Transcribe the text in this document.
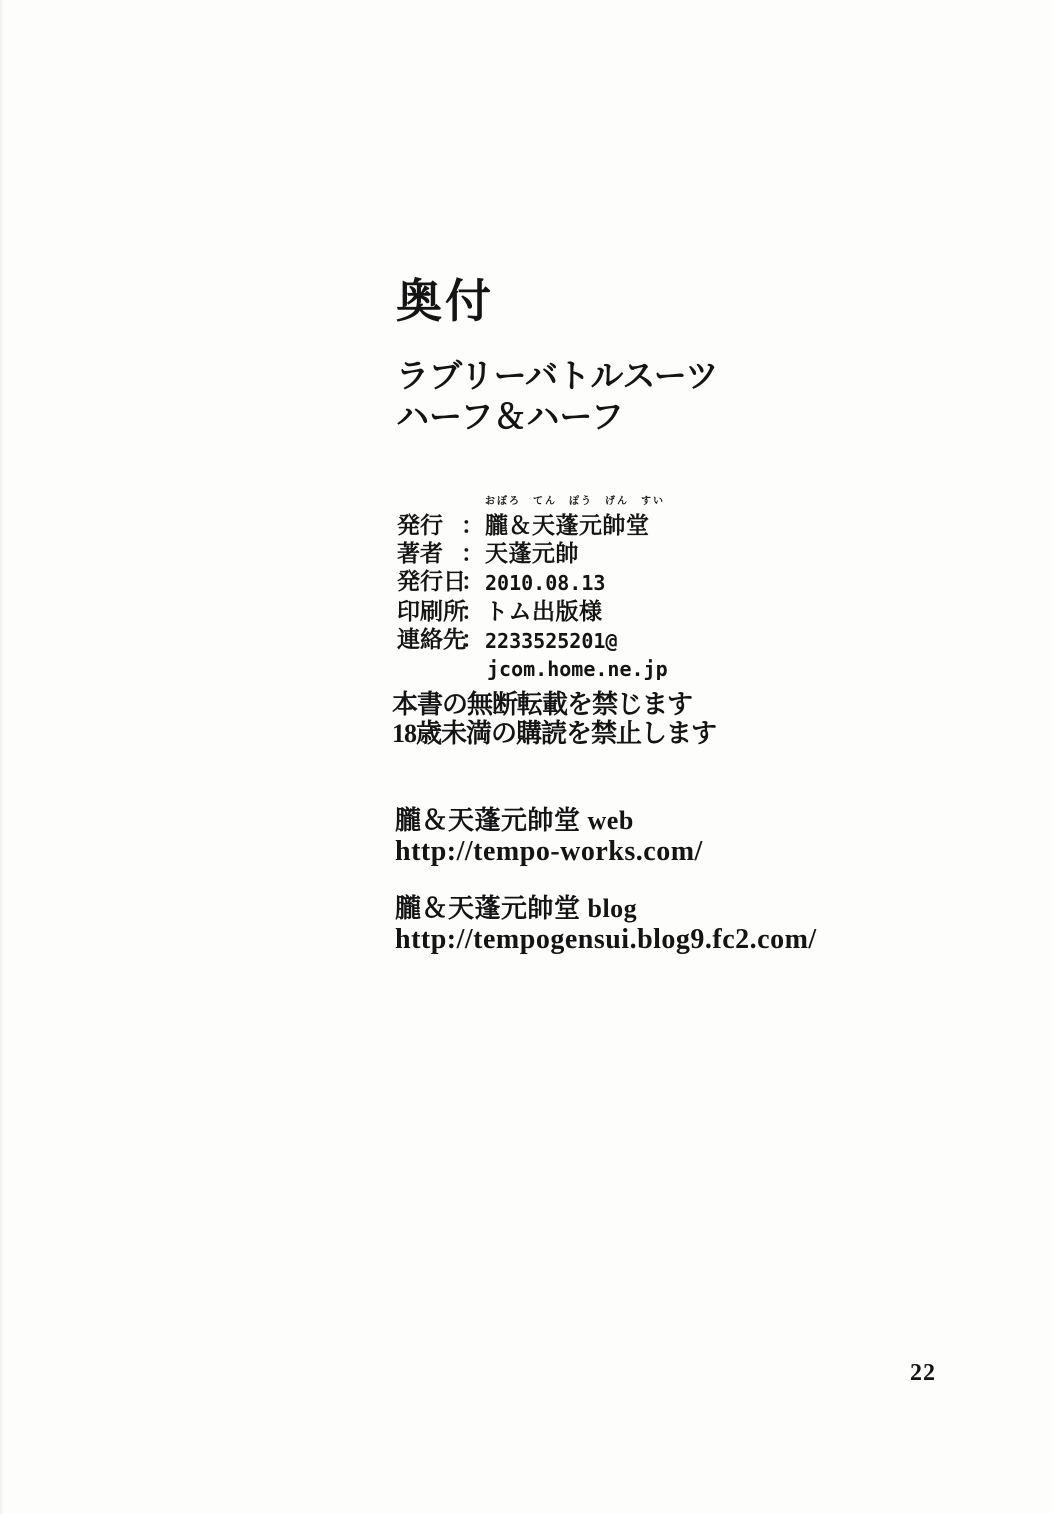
奥付
ラブリーバトルスーツ
ハーフ＆ハーフ
おぼろ　てん　ぽう　げん　すい
発行 ： 朧＆天蓬元帥堂
著者 ： 天蓬元帥
発行日
： 2010.08.13
印刷所
： トム出版様
連絡先
： 2233525201@
jcom.home.ne.jp
本書の無断転載を禁じます
18歳未満の購読を禁止します
朧＆天蓬元帥堂 web
http://tempo-works.com/
朧＆天蓬元帥堂 blog
http://tempogensui.blog9.fc2.com/
22
